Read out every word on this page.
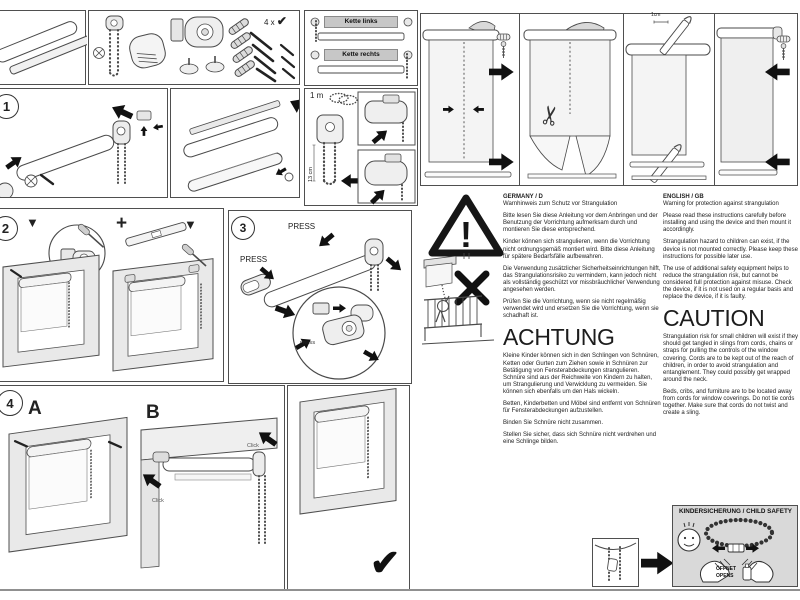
4 x ✔	Kette links
Kette rechts
1
1 m
13 cm
2	▼	+	▼	3	PRESS
PRESS
PRESS
4 A	B
Click
Click
✔
✂
1cm
!
GERMANY / D

Warnhinweis zum Schutz vor Strangulation

Bitte lesen Sie diese Anleitung vor dem Anbringen und der Benutzung der Vorrichtung aufmerksam durch und montieren Sie diese entsprechend.

Kinder können sich strangulieren, wenn die Vorrichtung nicht ordnungsgemäß montiert wird. Bitte diese Anleitung für spätere Bedarfsfälle aufbewahren.

Die Verwendung zusätzlicher Sicherheitseinrichtungen hilft, das Strangulationsrisiko zu vermindern, kann jedoch nicht als vollständig geschützt vor missbräuchlicher Verwendung angesehen werden.

Prüfen Sie die Vorrichtung, wenn sie nicht regelmäßig verwendet wird und ersetzen Sie die Vorrichtung, wenn sie schadhaft ist.

ACHTUNG

Kleine Kinder können sich in den Schlingen von Schnüren, Ketten oder Gurten zum Ziehen sowie in Schnüren zur Betätigung von Fensterabdeckungen strangulieren. Schnüre sind aus der Reichweite von Kindern zu halten, um Strangulierung und Verwicklung zu vermeiden. Sie können sich ebenfalls um den Hals wickeln.

Betten, Kinderbetten und Möbel sind entfernt von Schnüren für Fensterabdeckungen aufzustellen.

Binden Sie Schnüre nicht zusammen.

Stellen Sie sicher, dass sich Schnüre nicht verdrehen und eine Schlinge bilden.

ENGLISH / GB

Warning for protection against strangulation

Please read these instructions carefully before installing and using the device and then mount it accordingly.

Strangulation hazard to children can exist, if the device is not mounted correctly. Please keep these instructions for possible later use.

The use of additional safety equipment helps to reduce the strangulation risk, but cannot be considered full protection against misuse. Check the device, if it is not used on a regular basis and replace the device, if it is faulty.

CAUTION

Strangulation risk for small children will exist if they should get tangled in slings from cords, chains or straps for pulling the controls of the window covering. Cords are to be kept out of the reach of children, in order to avoid strangulation and entanglement. They could possibly get wrapped around the neck.

Beds, cribs, and furniture are to be located away from cords for window coverings. Do not tie cords together. Make sure that cords do not twist and create a sling.

KINDERSICHERUNG / CHILD SAFETY
ÖFFNET
OPENS
